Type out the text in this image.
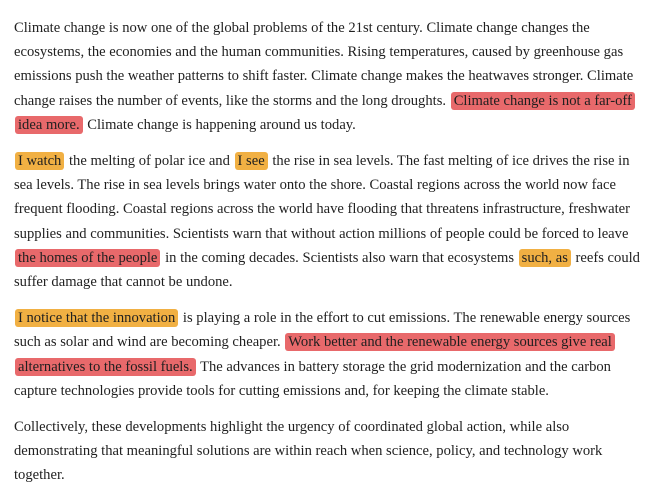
Climate change is now one of the global problems of the 21st century. Climate change changes the ecosystems, the economies and the human communities. Rising temperatures, caused by greenhouse gas emissions push the weather patterns to shift faster. Climate change makes the heatwaves stronger. Climate change raises the number of events, like the storms and the long droughts. Climate change is not a far-off idea more. Climate change is happening around us today.

I watch the melting of polar ice and I see the rise in sea levels. The fast melting of ice drives the rise in sea levels. The rise in sea levels brings water onto the shore. Coastal regions across the world now face frequent flooding. Coastal regions across the world have flooding that threatens infrastructure, freshwater supplies and communities. Scientists warn that without action millions of people could be forced to leave the homes of the people in the coming decades. Scientists also warn that ecosystems such, as reefs could suffer damage that cannot be undone.

I notice that the innovation is playing a role in the effort to cut emissions. The renewable energy sources such as solar and wind are becoming cheaper. Work better and the renewable energy sources give real alternatives to the fossil fuels. The advances in battery storage the grid modernization and the carbon capture technologies provide tools for cutting emissions and, for keeping the climate stable.

Collectively, these developments highlight the urgency of coordinated global action, while also demonstrating that meaningful solutions are within reach when science, policy, and technology work together.
